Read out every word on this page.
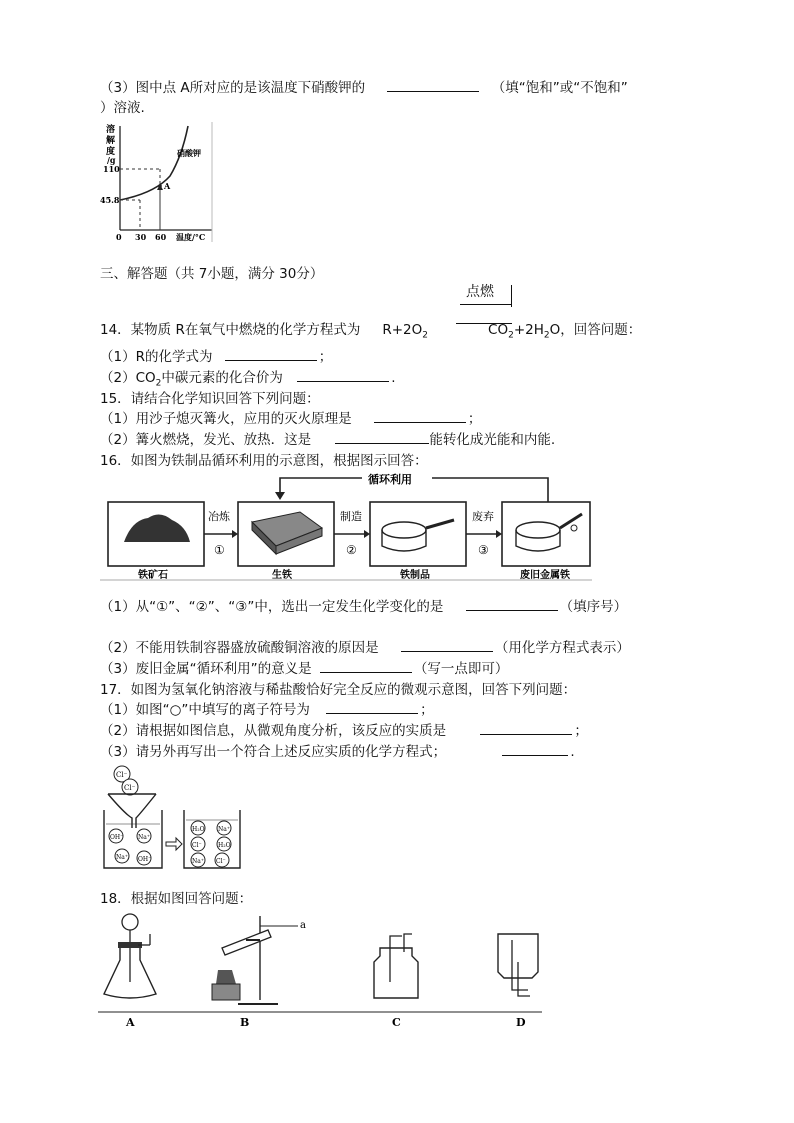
（3）图中点 A所对应的是该温度下硝酸钾的	（填“饱和”或“不饱和”
）溶液.
A
溶
解
度
/g
110
45.8
0 30 60 温度/°C
硝酸钾
三、解答题（共 7小题，满分 30分）
点燃
14．某物质 R在氧气中燃烧的化学方程式为 $R+2O_2$	$CO_2+2H_2O$，回答问题：
（1）R的化学式为	；
$(2)CO_2$中碳元素的化合价为	.
15．请结合化学知识回答下列问题：
（1）用沙子熄灭篝火，应用的灭火原理是	；
（2）篝火燃烧，发光、放热．这是	能转化成光能和内能.
16．如图为铁制品循环利用的示意图，根据图示回答：
循环利用
冶炼
①
制造
②
废弃
③
铁矿石	生铁	铁制品	废旧金属铁
（1）从“①”、“②”、“③”中，选出一定发生化学变化的是	（填序号）
（2）不能用铁制容器盛放硫酸铜溶液的原因是	（用化学方程式表示）
（3）废旧金属“循环利用”的意义是	（写一点即可）
17．如图为氢氧化钠溶液与稀盐酸恰好完全反应的微观示意图，回答下列问题：
（1）如图“○”中填写的离子符号为	；
（2）请根据如图信息，从微观角度分析，该反应的实质是	；
（3）请另外再写出一个符合上述反应实质的化学方程式；	.
Cl⁻
Cl⁻
OH⁻ Na⁺
Na⁺ OH⁻
H₂O Na⁺
Cl⁻	H₂O
Na⁺ Cl⁻
18．根据如图回答问题：
A
a
B	C	D
